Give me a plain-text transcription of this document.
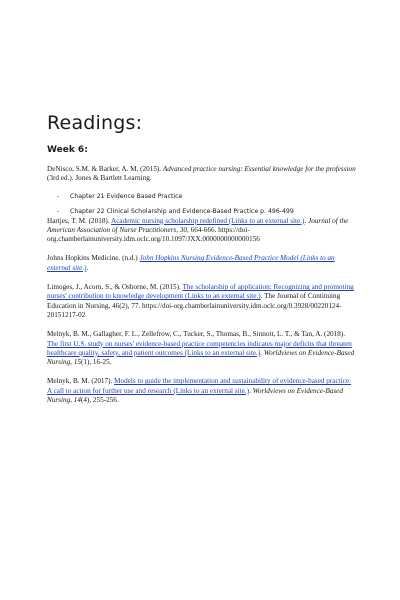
Readings:
Week 6:

DeNisco, S.M. & Barker, A. M. (2015). Advanced practice nursing: Essential knowledge for the profession (3rd ed.). Jones & Bartlett Learning.

- Chapter 21 Evidence Based Practice
- Chapter 22 Clinical Scholarship and Evidence-Based Practice p. 496-499

Hartjes, T. M. (2018). Academic nursing scholarship redefined (Links to an external site.). Journal of the American Association of Nurse Practitioners, 30, 664-666. https://doi-org.chamberlainuniversity.idm.oclc.org/10.1097/JXX.0000000000000156

Johns Hopkins Medicine. (n.d.) John Hopkins Nursing Evidence-Based Practice Model (Links to an external site.).

Limoges, J., Acorn, S., & Osborne, M. (2015). The scholarship of application: Recognizing and promoting nurses' contribution to knowledge development (Links to an external site.). The Journal of Continuing Education in Nursing, 46(2), 77. https://doi-org.chamberlainuniversity.idm.oclc.org/0.3928/00220124-20151217-02

Melnyk, B. M., Gallagher, F. L., Zellefrow, C., Tucker, S., Thomas, B., Sinnott, L. T., & Tan, A. (2018). The first U.S. study on nurses' evidence-based practice competencies indicates major deficits that threaten healthcare quality, safety, and patient outcomes (Links to an external site.). Worldviews on Evidence-Based Nursing, 15(1), 16-25.

Melnyk, B. M. (2017). Models to guide the implementation and sustainability of evidence-based practice: A call to action for further use and research (Links to an external site.). Worldviews on Evidence-Based Nursing, 14(4), 255-256.
